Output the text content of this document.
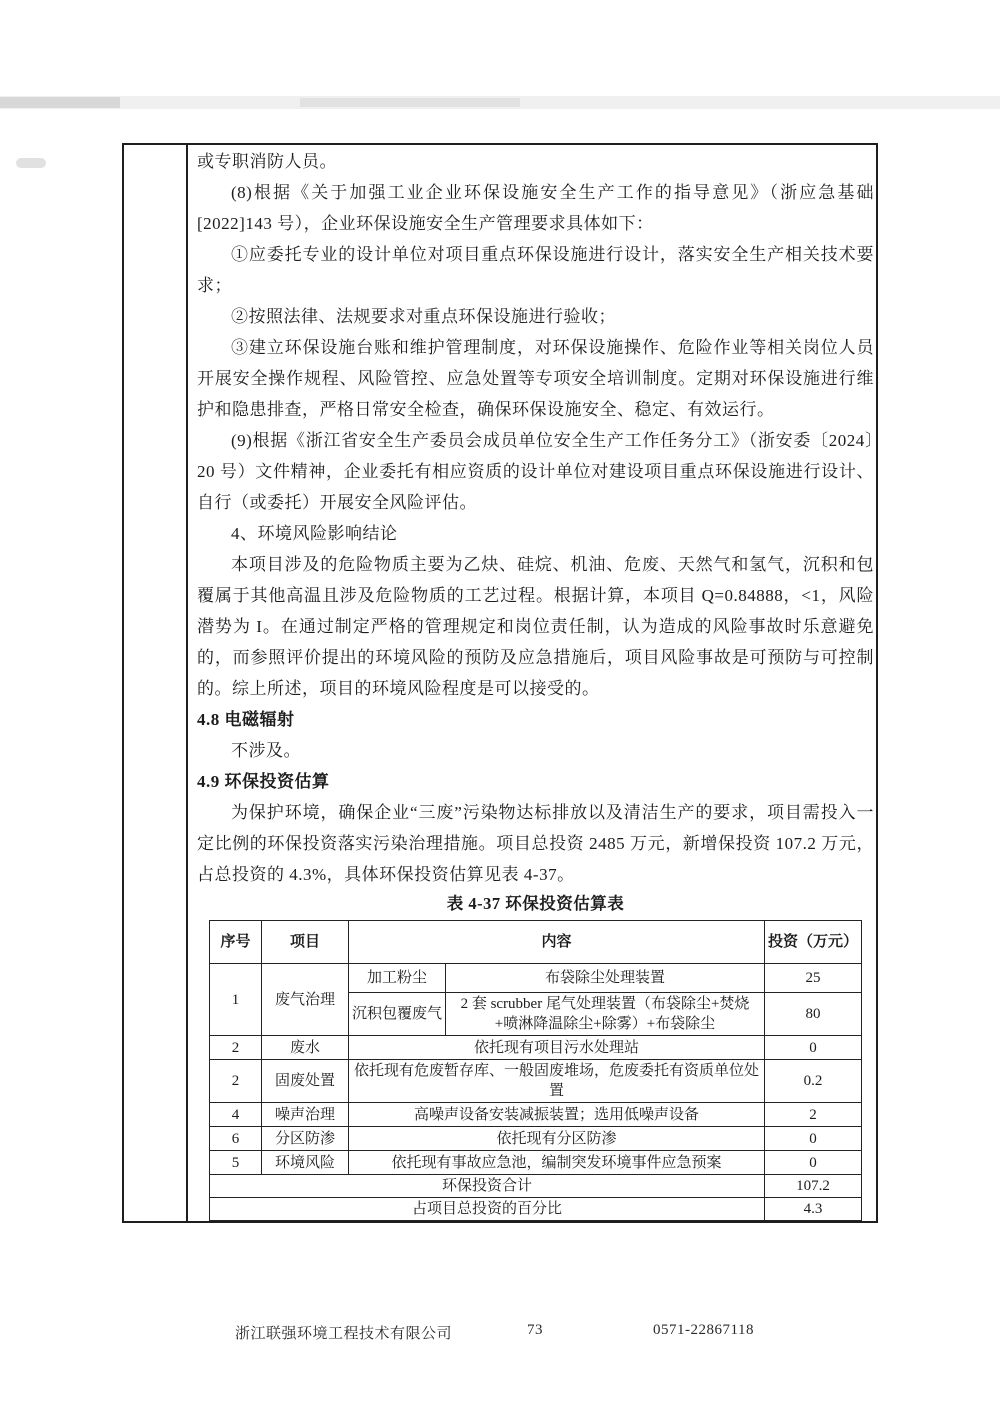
或专职消防人员。

(8)根据《关于加强工业企业环保设施安全生产工作的指导意见》（浙应急基础[2022]143 号），企业环保设施安全生产管理要求具体如下：

①应委托专业的设计单位对项目重点环保设施进行设计，落实安全生产相关技术要求；

②按照法律、法规要求对重点环保设施进行验收；

③建立环保设施台账和维护管理制度，对环保设施操作、危险作业等相关岗位人员开展安全操作规程、风险管控、应急处置等专项安全培训制度。定期对环保设施进行维护和隐患排查，严格日常安全检查，确保环保设施安全、稳定、有效运行。

(9)根据《浙江省安全生产委员会成员单位安全生产工作任务分工》（浙安委〔2024〕20 号）文件精神，企业委托有相应资质的设计单位对建设项目重点环保设施进行设计、自行（或委托）开展安全风险评估。

4、环境风险影响结论

本项目涉及的危险物质主要为乙炔、硅烷、机油、危废、天然气和氢气，沉积和包覆属于其他高温且涉及危险物质的工艺过程。根据计算，本项目 Q=0.84888，<1，风险潜势为 I。在通过制定严格的管理规定和岗位责任制，认为造成的风险事故时乐意避免的，而参照评价提出的环境风险的预防及应急措施后，项目风险事故是可预防与可控制的。综上所述，项目的环境风险程度是可以接受的。

4.8 电磁辐射

不涉及。

4.9 环保投资估算

为保护环境，确保企业“三废”污染物达标排放以及清洁生产的要求，项目需投入一定比例的环保投资落实污染治理措施。项目总投资 2485 万元，新增保投资 107.2 万元，占总投资的 4.3%，具体环保投资估算见表 4-37。

表 4-37 环保投资估算表
序号	项目	内容		投资（万元）
1	废气治理	加工粉尘	布袋除尘处理装置	25
		沉积包覆废气	2 套 scrubber 尾气处理装置（布袋除尘+焚烧+喷淋降温除尘+除雾）+布袋除尘	80
2	废水	依托现有项目污水处理站		0
2	固废处置	依托现有危废暂存库、一般固废堆场，危废委托有资质单位处置		0.2
4	噪声治理	高噪声设备安装减振装置；选用低噪声设备		2
6	分区防渗	依托现有分区防渗		0
5	环境风险	依托现有事故应急池，编制突发环境事件应急预案		0
环保投资合计				107.2
占项目总投资的百分比				4.3
浙江联强环境工程技术有限公司	73	0571-22867118
